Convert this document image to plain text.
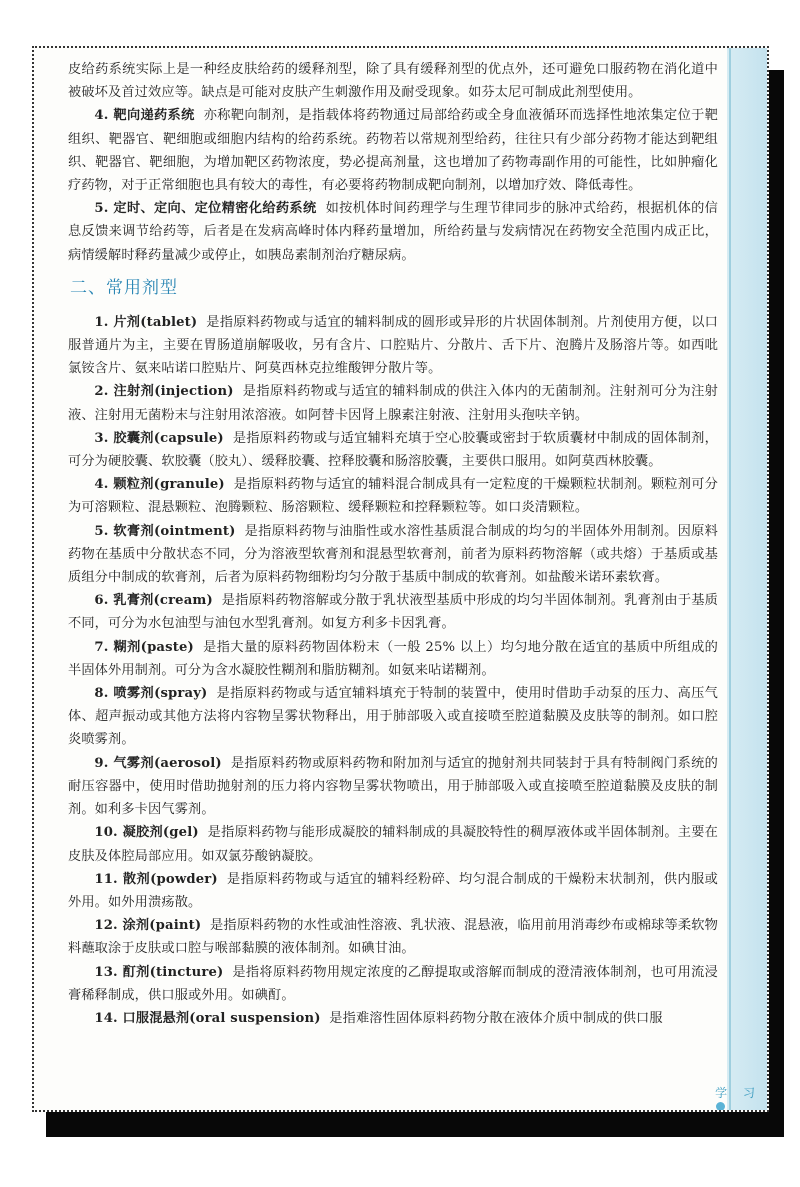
学 习

皮给药系统实际上是一种经皮肤给药的缓释剂型，除了具有缓释剂型的优点外，还可避免口服药物在消化道中被破坏及首过效应等。缺点是可能对皮肤产生刺激作用及耐受现象。如芬太尼可制成此剂型使用。

4. 靶向递药系统 亦称靶向制剂，是指载体将药物通过局部给药或全身血液循环而选择性地浓集定位于靶组织、靶器官、靶细胞或细胞内结构的给药系统。药物若以常规剂型给药，往往只有少部分药物才能达到靶组织、靶器官、靶细胞，为增加靶区药物浓度，势必提高剂量，这也增加了药物毒副作用的可能性，比如肿瘤化疗药物，对于正常细胞也具有较大的毒性，有必要将药物制成靶向制剂，以增加疗效、降低毒性。

5. 定时、定向、定位精密化给药系统 如按机体时间药理学与生理节律同步的脉冲式给药，根据机体的信息反馈来调节给药等，后者是在发病高峰时体内释药量增加，所给药量与发病情况在药物安全范围内成正比，病情缓解时释药量减少或停止，如胰岛素制剂治疗糖尿病。

二、常用剂型

1. 片剂(tablet) 是指原料药物或与适宜的辅料制成的圆形或异形的片状固体制剂。片剂使用方便，以口服普通片为主，主要在胃肠道崩解吸收，另有含片、口腔贴片、分散片、舌下片、泡腾片及肠溶片等。如西吡氯铵含片、氨来呫诺口腔贴片、阿莫西林克拉维酸钾分散片等。

2. 注射剂(injection) 是指原料药物或与适宜的辅料制成的供注入体内的无菌制剂。注射剂可分为注射液、注射用无菌粉末与注射用浓溶液。如阿替卡因肾上腺素注射液、注射用头孢呋辛钠。

3. 胶囊剂(capsule) 是指原料药物或与适宜辅料充填于空心胶囊或密封于软质囊材中制成的固体制剂，可分为硬胶囊、软胶囊（胶丸）、缓释胶囊、控释胶囊和肠溶胶囊，主要供口服用。如阿莫西林胶囊。

4. 颗粒剂(granule) 是指原料药物与适宜的辅料混合制成具有一定粒度的干燥颗粒状制剂。颗粒剂可分为可溶颗粒、混悬颗粒、泡腾颗粒、肠溶颗粒、缓释颗粒和控释颗粒等。如口炎清颗粒。

5. 软膏剂(ointment) 是指原料药物与油脂性或水溶性基质混合制成的均匀的半固体外用制剂。因原料药物在基质中分散状态不同，分为溶液型软膏剂和混悬型软膏剂，前者为原料药物溶解（或共熔）于基质或基质组分中制成的软膏剂，后者为原料药物细粉均匀分散于基质中制成的软膏剂。如盐酸米诺环素软膏。

6. 乳膏剂(cream) 是指原料药物溶解或分散于乳状液型基质中形成的均匀半固体制剂。乳膏剂由于基质不同，可分为水包油型与油包水型乳膏剂。如复方利多卡因乳膏。

7. 糊剂(paste) 是指大量的原料药物固体粉末（一般 25% 以上）均匀地分散在适宜的基质中所组成的半固体外用制剂。可分为含水凝胶性糊剂和脂肪糊剂。如氨来呫诺糊剂。

8. 喷雾剂(spray) 是指原料药物或与适宜辅料填充于特制的装置中，使用时借助手动泵的压力、高压气体、超声振动或其他方法将内容物呈雾状物释出，用于肺部吸入或直接喷至腔道黏膜及皮肤等的制剂。如口腔炎喷雾剂。

9. 气雾剂(aerosol) 是指原料药物或原料药物和附加剂与适宜的抛射剂共同装封于具有特制阀门系统的耐压容器中，使用时借助抛射剂的压力将内容物呈雾状物喷出，用于肺部吸入或直接喷至腔道黏膜及皮肤的制剂。如利多卡因气雾剂。

10. 凝胶剂(gel) 是指原料药物与能形成凝胶的辅料制成的具凝胶特性的稠厚液体或半固体制剂。主要在皮肤及体腔局部应用。如双氯芬酸钠凝胶。

11. 散剂(powder) 是指原料药物或与适宜的辅料经粉碎、均匀混合制成的干燥粉末状制剂，供内服或外用。如外用溃疡散。

12. 涂剂(paint) 是指原料药物的水性或油性溶液、乳状液、混悬液，临用前用消毒纱布或棉球等柔软物料蘸取涂于皮肤或口腔与喉部黏膜的液体制剂。如碘甘油。

13. 酊剂(tincture) 是指将原料药物用规定浓度的乙醇提取或溶解而制成的澄清液体制剂，也可用流浸膏稀释制成，供口服或外用。如碘酊。

14. 口服混悬剂(oral suspension) 是指难溶性固体原料药物分散在液体介质中制成的供口服
